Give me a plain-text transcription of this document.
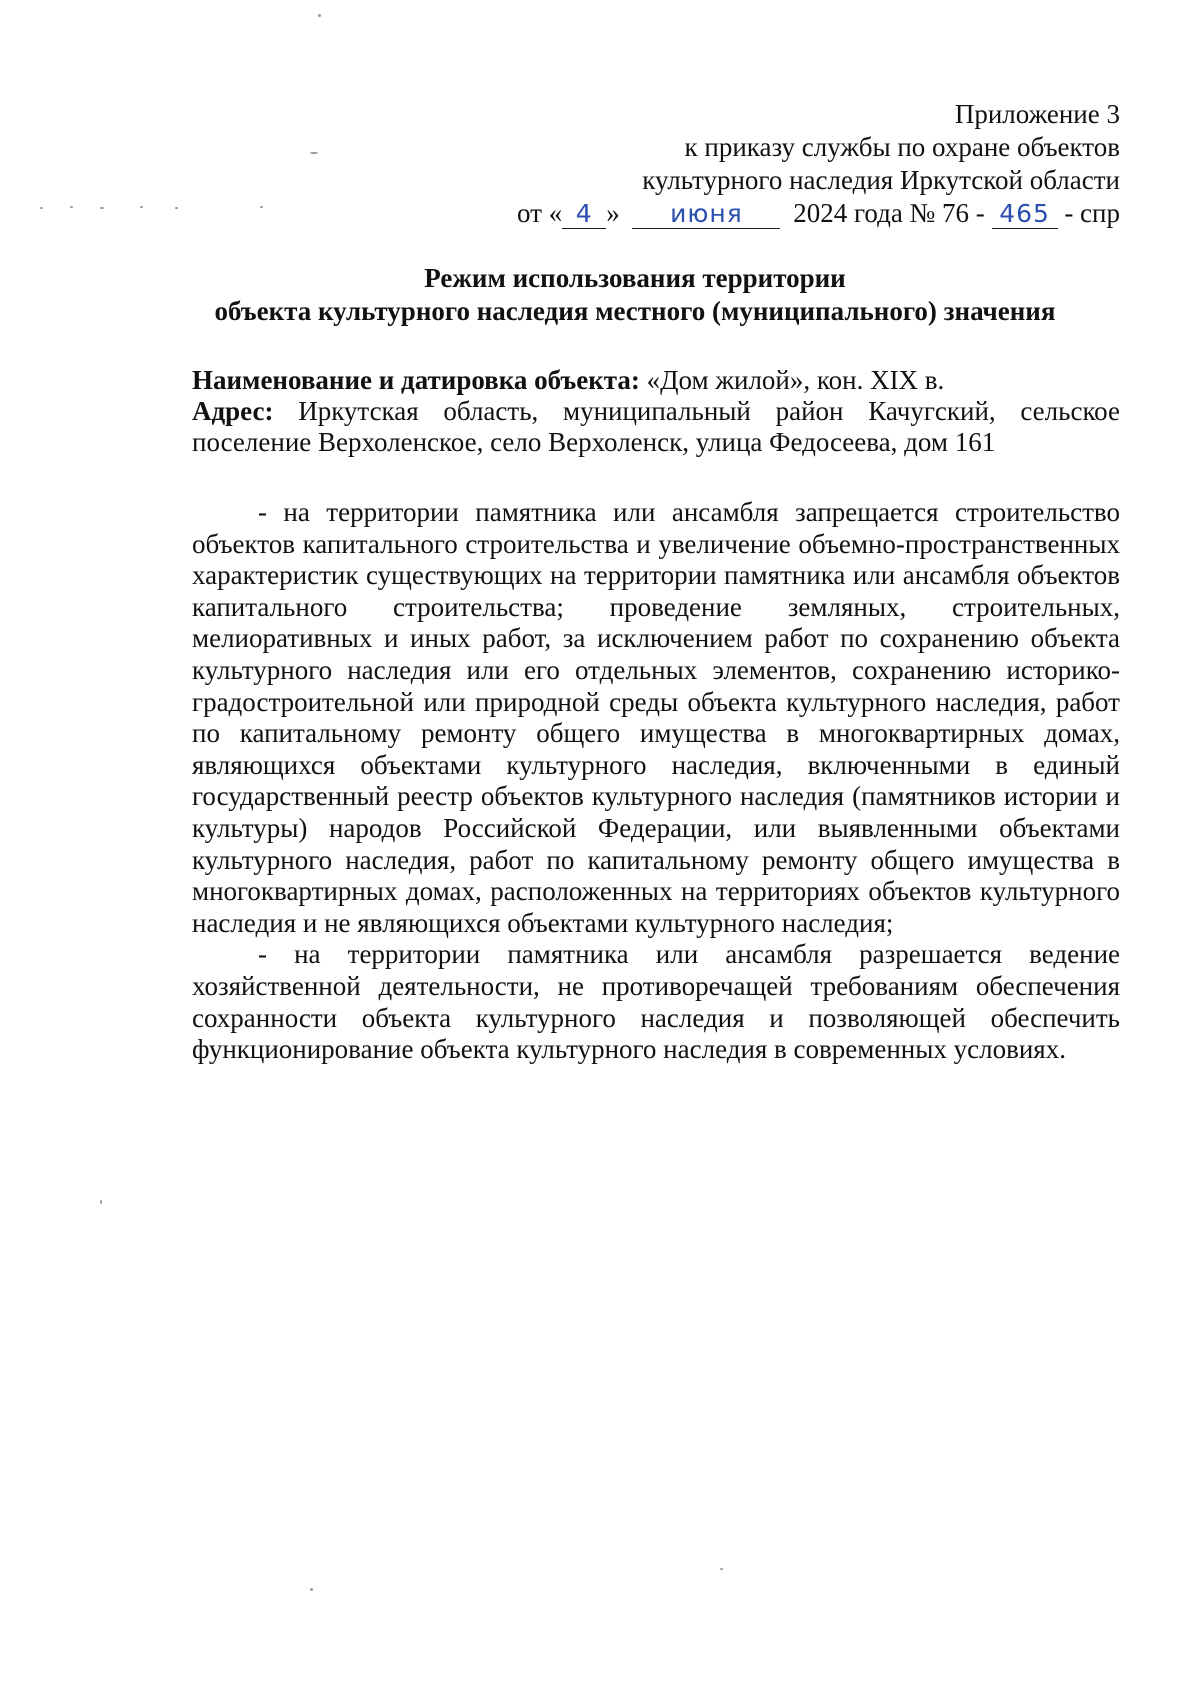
Приложение 3
к приказу службы по охране объектов
культурного наследия Иркутской области
от « 4 » июня 2024 года № 76 - 465 - спр
Режим использования территории
объекта культурного наследия местного (муниципального) значения
Наименование и датировка объекта: «Дом жилой», кон. XIX в.
Адрес: Иркутская область, муниципальный район Качугский, сельское поселение Верхоленское, село Верхоленск, улица Федосеева, дом 161

- на территории памятника или ансамбля запрещается строительство объектов капитального строительства и увеличение объемно-пространственных характеристик существующих на территории памятника или ансамбля объектов капитального строительства; проведение земляных, строительных, мелиоративных и иных работ, за исключением работ по сохранению объекта культурного наследия или его отдельных элементов, сохранению историко-градостроительной или природной среды объекта культурного наследия, работ по капитальному ремонту общего имущества в многоквартирных домах, являющихся объектами культурного наследия, включенными в единый государственный реестр объектов культурного наследия (памятников истории и культуры) народов Российской Федерации, или выявленными объектами культурного наследия, работ по капитальному ремонту общего имущества в многоквартирных домах, расположенных на территориях объектов культурного наследия и не являющихся объектами культурного наследия;

- на территории памятника или ансамбля разрешается ведение хозяйственной деятельности, не противоречащей требованиям обеспечения сохранности объекта культурного наследия и позволяющей обеспечить функционирование объекта культурного наследия в современных условиях.
